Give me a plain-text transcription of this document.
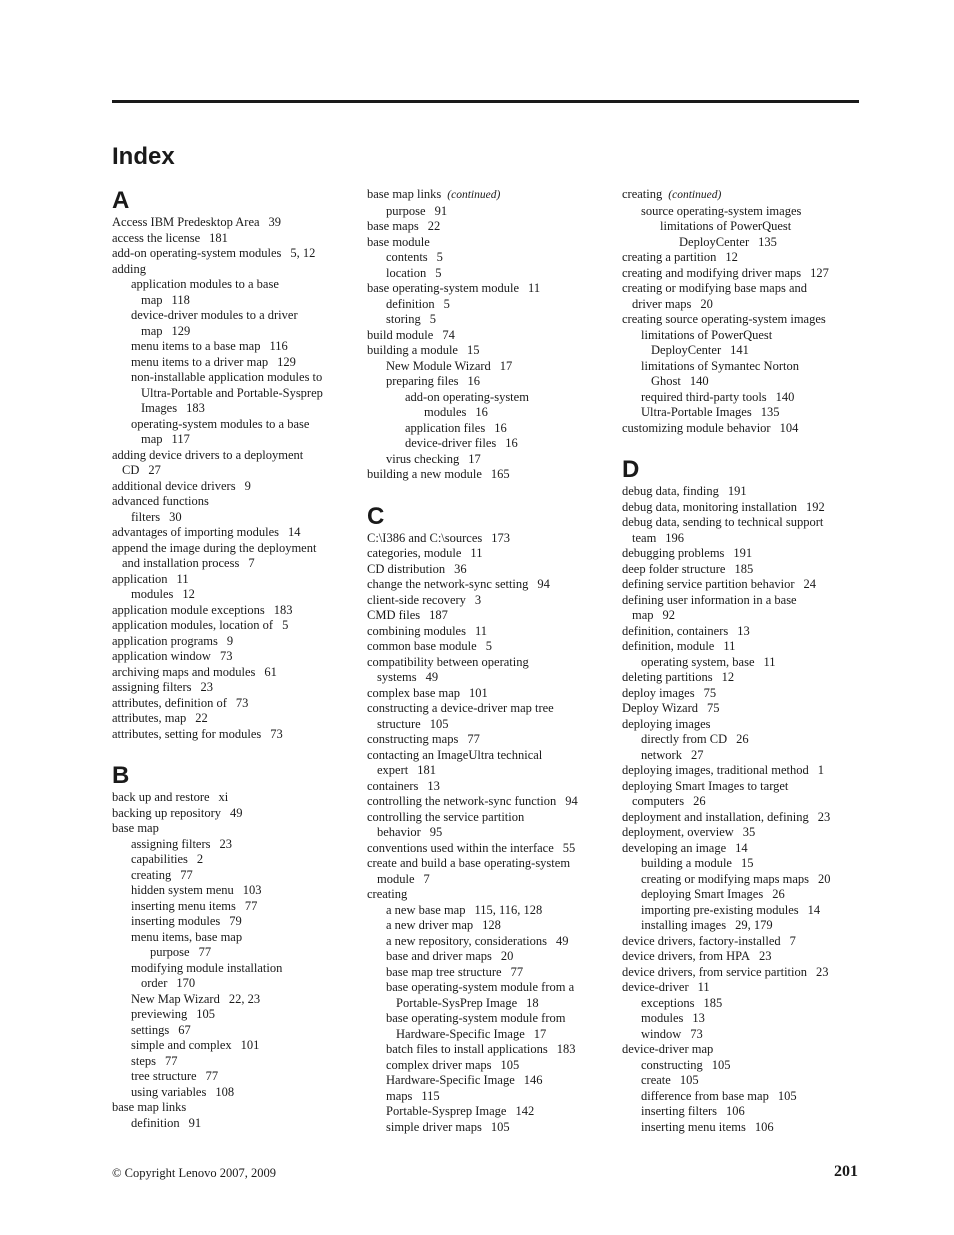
Index
A
Access IBM Predesktop Area 39
access the license 181
add-on operating-system modules 5, 12
adding
application modules to a base
map 118
device-driver modules to a driver
map 129
menu items to a base map 116
menu items to a driver map 129
non-installable application modules to
Ultra-Portable and Portable-Sysprep
Images 183
operating-system modules to a base
map 117
adding device drivers to a deployment
CD 27
additional device drivers 9
advanced functions
filters 30
advantages of importing modules 14
append the image during the deployment
and installation process 7
application 11
modules 12
application module exceptions 183
application modules, location of 5
application programs 9
application window 73
archiving maps and modules 61
assigning filters 23
attributes, definition of 73
attributes, map 22
attributes, setting for modules 73
B
back up and restore xi
backing up repository 49
base map
assigning filters 23
capabilities 2
creating 77
hidden system menu 103
inserting menu items 77
inserting modules 79
menu items, base map
purpose 77
modifying module installation
order 170
New Map Wizard 22, 23
previewing 105
settings 67
simple and complex 101
steps 77
tree structure 77
using variables 108
base map links
definition 91
base map links (continued)
purpose 91
base maps 22
base module
contents 5
location 5
base operating-system module 11
definition 5
storing 5
build module 74
building a module 15
New Module Wizard 17
preparing files 16
add-on operating-system
modules 16
application files 16
device-driver files 16
virus checking 17
building a new module 165
C
C:\I386 and C:\sources 173
categories, module 11
CD distribution 36
change the network-sync setting 94
client-side recovery 3
CMD files 187
combining modules 11
common base module 5
compatibility between operating
systems 49
complex base map 101
constructing a device-driver map tree
structure 105
constructing maps 77
contacting an ImageUltra technical
expert 181
containers 13
controlling the network-sync function 94
controlling the service partition
behavior 95
conventions used within the interface 55
create and build a base operating-system
module 7
creating
a new base map 115, 116, 128
a new driver map 128
a new repository, considerations 49
base and driver maps 20
base map tree structure 77
base operating-system module from a
Portable-SysPrep Image 18
base operating-system module from
Hardware-Specific Image 17
batch files to install applications 183
complex driver maps 105
Hardware-Specific Image 146
maps 115
Portable-Sysprep Image 142
simple driver maps 105
creating (continued)
source operating-system images
limitations of PowerQuest
DeployCenter 135
creating a partition 12
creating and modifying driver maps 127
creating or modifying base maps and
driver maps 20
creating source operating-system images
limitations of PowerQuest
DeployCenter 141
limitations of Symantec Norton
Ghost 140
required third-party tools 140
Ultra-Portable Images 135
customizing module behavior 104
D
debug data, finding 191
debug data, monitoring installation 192
debug data, sending to technical support
team 196
debugging problems 191
deep folder structure 185
defining service partition behavior 24
defining user information in a base
map 92
definition, containers 13
definition, module 11
operating system, base 11
deleting partitions 12
deploy images 75
Deploy Wizard 75
deploying images
directly from CD 26
network 27
deploying images, traditional method 1
deploying Smart Images to target
computers 26
deployment and installation, defining 23
deployment, overview 35
developing an image 14
building a module 15
creating or modifying maps maps 20
deploying Smart Images 26
importing pre-existing modules 14
installing images 29, 179
device drivers, factory-installed 7
device drivers, from HPA 23
device drivers, from service partition 23
device-driver 11
exceptions 185
modules 13
window 73
device-driver map
constructing 105
create 105
difference from base map 105
inserting filters 106
inserting menu items 106
© Copyright Lenovo 2007, 2009	201
